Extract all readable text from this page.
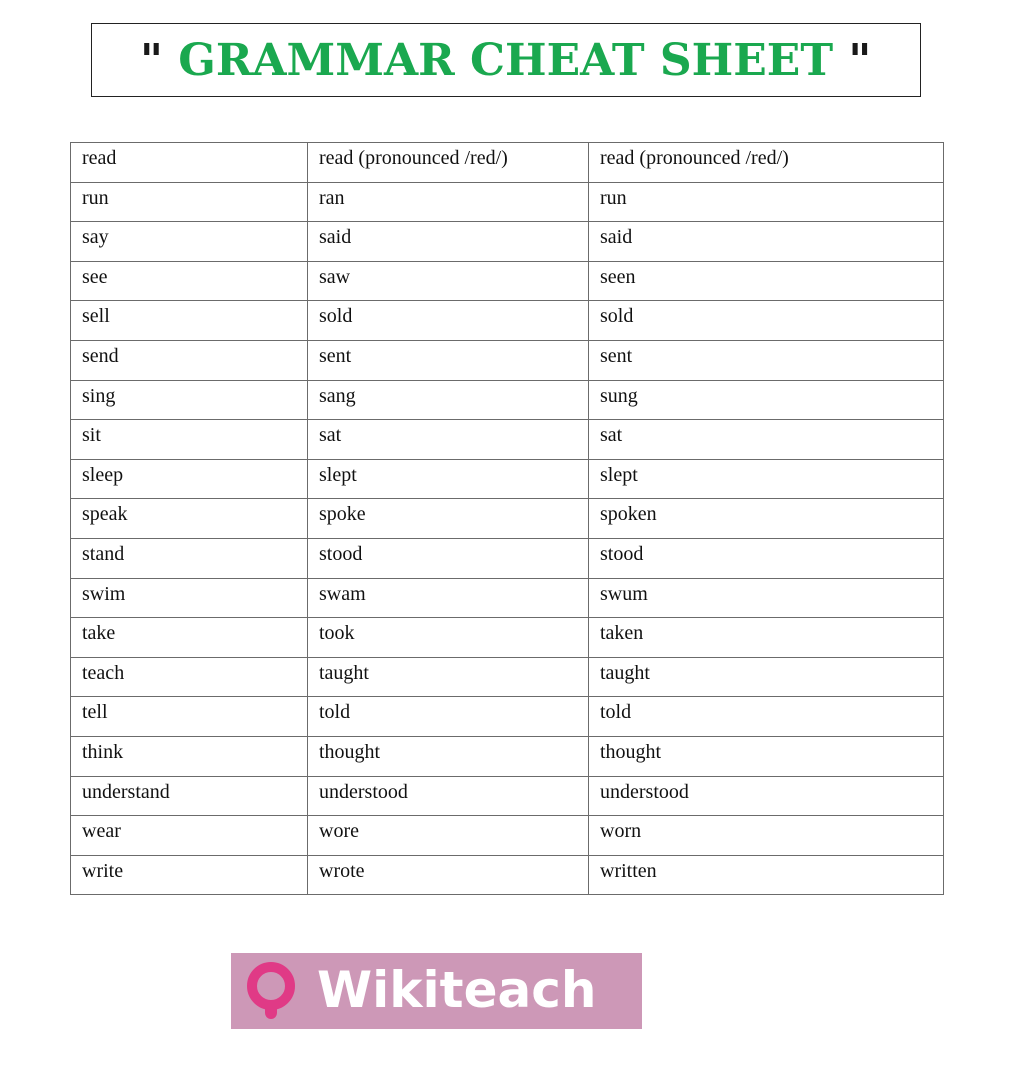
" GRAMMAR CHEAT SHEET "
read	read (pronounced /red/)	read (pronounced /red/)
run	ran	run
say	said	said
see	saw	seen
sell	sold	sold
send	sent	sent
sing	sang	sung
sit	sat	sat
sleep	slept	slept
speak	spoke	spoken
stand	stood	stood
swim	swam	swum
take	took	taken
teach	taught	taught
tell	told	told
think	thought	thought
understand	understood	understood
wear	wore	worn
write	wrote	written
Wikiteach
